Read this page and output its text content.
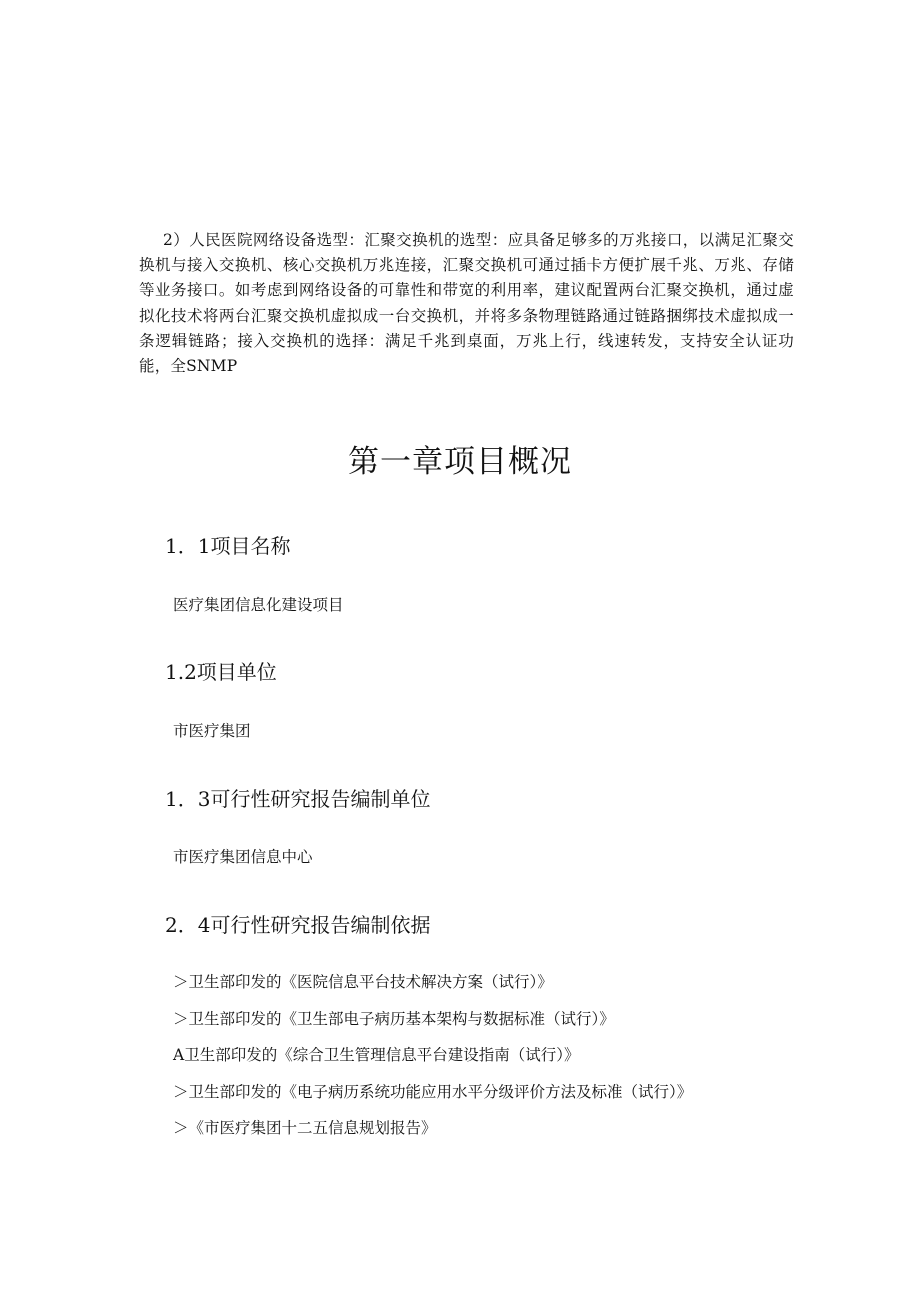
2）人民医院网络设备选型：汇聚交换机的选型：应具备足够多的万兆接口，以满足汇聚交换机与接入交换机、核心交换机万兆连接，汇聚交换机可通过插卡方便扩展千兆、万兆、存储等业务接口。如考虑到网络设备的可靠性和带宽的利用率，建议配置两台汇聚交换机，通过虚拟化技术将两台汇聚交换机虚拟成一台交换机，并将多条物理链路通过链路捆绑技术虚拟成一条逻辑链路；接入交换机的选择：满足千兆到桌面，万兆上行，线速转发，支持安全认证功能，全SNMP

第一章项目概况
1．1项目名称

医疗集团信息化建设项目

1.2项目单位

市医疗集团

1．3可行性研究报告编制单位

市医疗集团信息中心

2．4可行性研究报告编制依据
＞卫生部印发的《医院信息平台技术解决方案（试行）》
＞卫生部印发的《卫生部电子病历基本架构与数据标准（试行）》
A卫生部印发的《综合卫生管理信息平台建设指南（试行）》
＞卫生部印发的《电子病历系统功能应用水平分级评价方法及标准（试行）》
＞《市医疗集团十二五信息规划报告》
